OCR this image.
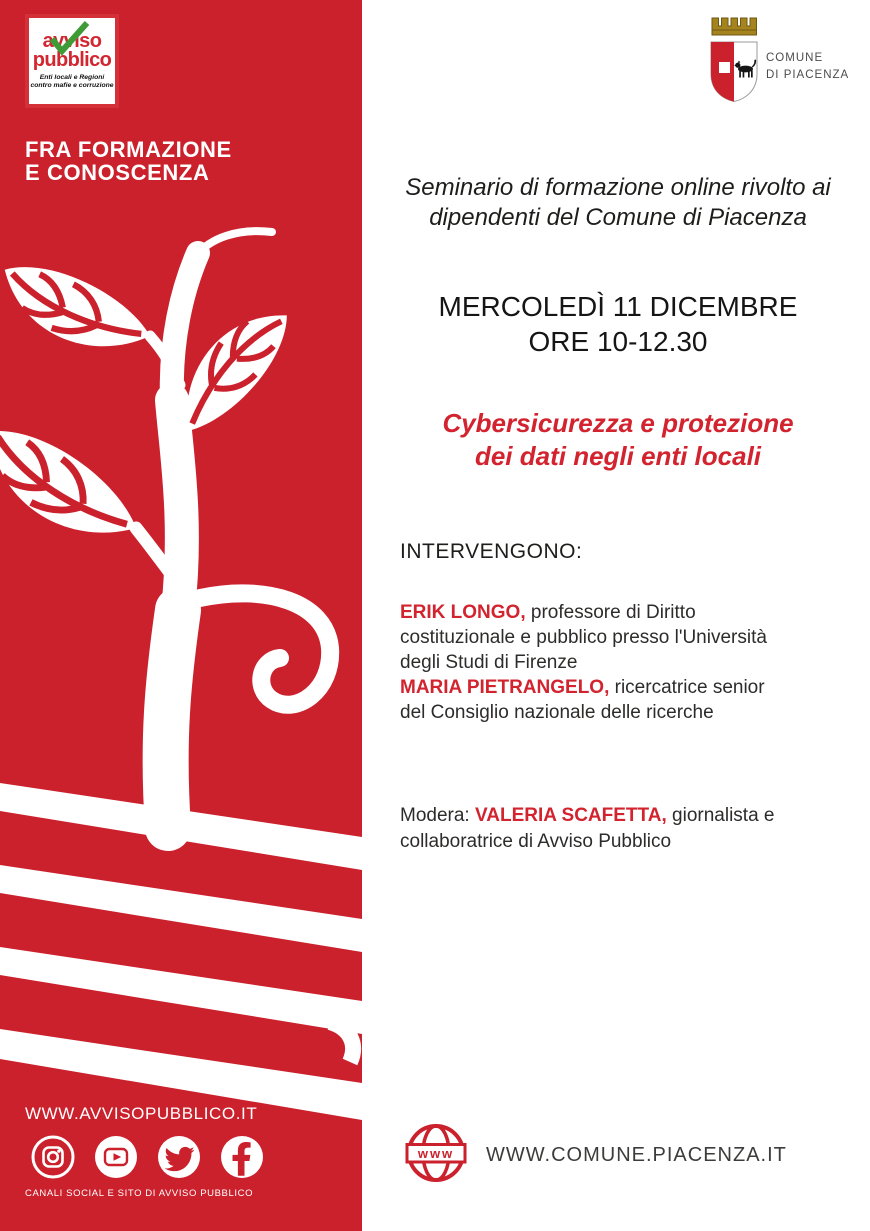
avviso
pubblico
Enti locali e Regioni
contro mafie e corruzione
FRA FORMAZIONE
E CONOSCENZA
WWW.AVVISOPUBBLICO.IT
CANALI SOCIAL E SITO DI AVVISO PUBBLICO
COMUNE
DI PIACENZA
Seminario di formazione online rivolto ai
dipendenti del Comune di Piacenza
MERCOLEDÌ 11 DICEMBRE
ORE 10-12.30
Cybersicurezza e protezione
dei dati negli enti locali
INTERVENGONO:

ERIK LONGO, professore di Diritto costituzionale e pubblico presso l'Università degli Studi di Firenze
MARIA PIETRANGELO, ricercatrice senior del Consiglio nazionale delle ricerche

Modera: VALERIA SCAFETTA, giornalista e collaboratrice di Avviso Pubblico

www WWW.COMUNE.PIACENZA.IT
